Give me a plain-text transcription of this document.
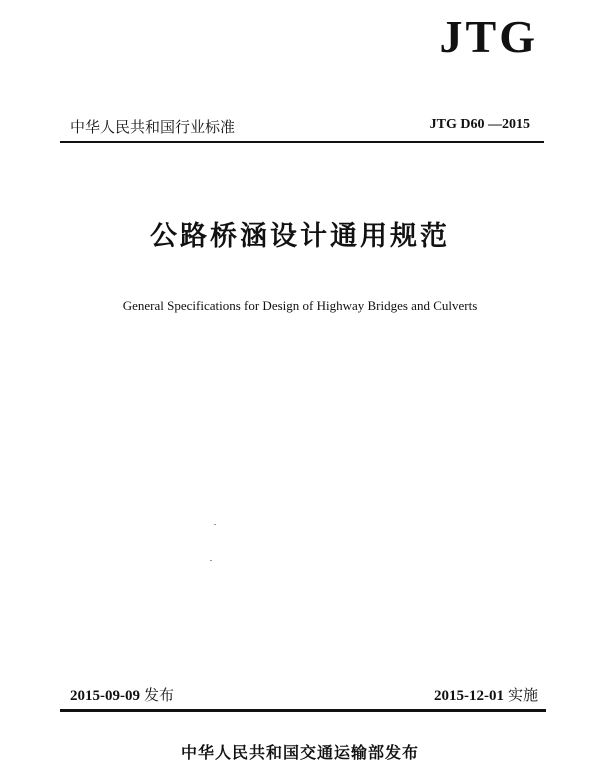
JTG
中华人民共和国行业标准	JTG D60 —2015
公路桥涵设计通用规范
General Specifications for Design of Highway Bridges and Culverts
2015-09-09 发布	2015-12-01 实施
中华人民共和国交通运输部发布
